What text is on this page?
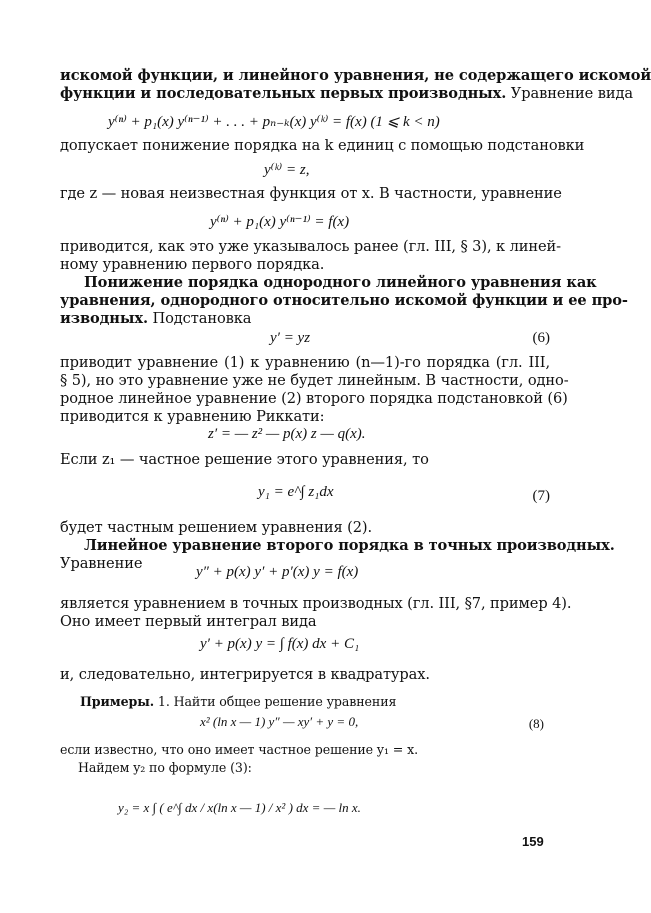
искомой функции, и линейного уравнения, не содержащего искомой
функции и последовательных первых производных. Уравнение вида
y⁽ⁿ⁾ + p₁(x) y⁽ⁿ⁻¹⁾ + . . . + pₙ₋ₖ(x) y⁽ᵏ⁾ = f(x) (1 ⩽ k < n)
допускает понижение порядка на k единиц с помощью подстановки
y⁽ᵏ⁾ = z,
где z — новая неизвестная функция от x. В частности, уравнение
y⁽ⁿ⁾ + p₁(x) y⁽ⁿ⁻¹⁾ = f(x)
приводится, как это уже указывалось ранее (гл. III, § 3), к линей-
ному уравнению первого порядка.
Понижение порядка однородного линейного уравнения как
уравнения, однородного относительно искомой функции и ее про-
изводных. Подстановка
y′ = yz	(6)
приводит уравнение (1) к уравнению (n—1)-го порядка (гл. III,
§ 5), но это уравнение уже не будет линейным. В частности, одно-
родное линейное уравнение (2) второго порядка подстановкой (6)
приводится к уравнению Риккати:
z′ = — z² — p(x) z — q(x).
Если z₁ — частное решение этого уравнения, то
y₁ = e^∫ z₁dx	(7)
будет частным решением уравнения (2).
Линейное уравнение второго порядка в точных производных.
Уравнение	y″ + p(x) y′ + p′(x) y = f(x)
является уравнением в точных производных (гл. III, §7, пример 4).
Оно имеет первый интеграл вида
y′ + p(x) y = ∫ f(x) dx + C₁
и, следовательно, интегрируется в квадратурах.
Примеры. 1. Найти общее решение уравнения
x² (ln x — 1) y″ — xy′ + y = 0,	(8)
если известно, что оно имеет частное решение y₁ = x.
Найдем y₂ по формуле (3):
y₂ = x ∫ ( e^∫ dx / x(ln x — 1) / x² ) dx = — ln x.
159
